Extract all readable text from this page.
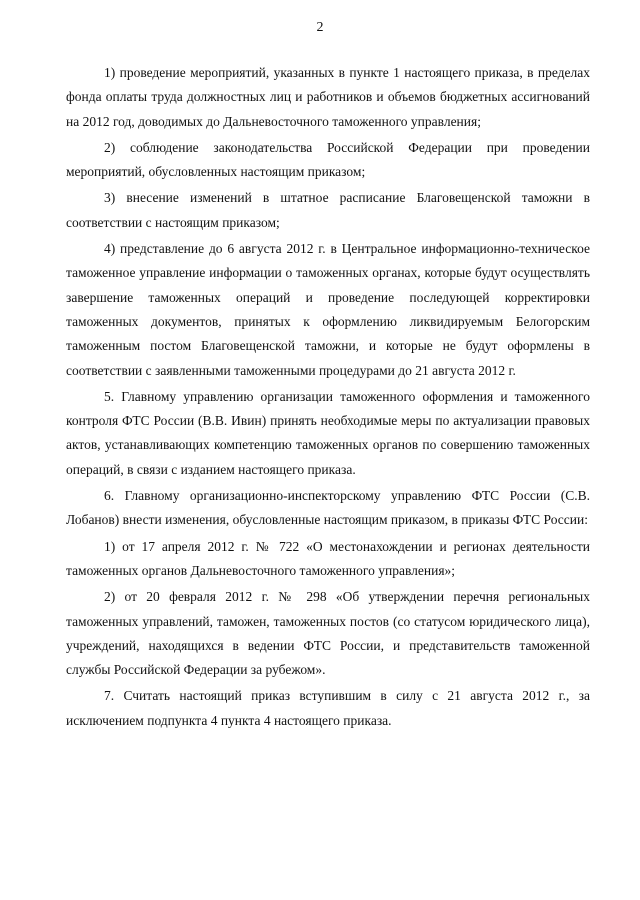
2

1) проведение мероприятий, указанных в пункте 1 настоящего приказа, в пределах фонда оплаты труда должностных лиц и работников и объемов бюджетных ассигнований на 2012 год, доводимых до Дальневосточного таможенного управления;

2) соблюдение законодательства Российской Федерации при проведении мероприятий, обусловленных настоящим приказом;

3) внесение изменений в штатное расписание Благовещенской таможни в соответствии с настоящим приказом;

4) представление до 6 августа 2012 г. в Центральное информационно-техническое таможенное управление информации о таможенных органах, которые будут осуществлять завершение таможенных операций и проведение последующей корректировки таможенных документов, принятых к оформлению ликвидируемым Белогорским таможенным постом Благовещенской таможни, и которые не будут оформлены в соответствии с заявленными таможенными процедурами до 21 августа 2012 г.

5. Главному управлению организации таможенного оформления и таможенного контроля ФТС России (В.В. Ивин) принять необходимые меры по актуализации правовых актов, устанавливающих компетенцию таможенных органов по совершению таможенных операций, в связи с изданием настоящего приказа.

6. Главному организационно-инспекторскому управлению ФТС России (С.В. Лобанов) внести изменения, обусловленные настоящим приказом, в приказы ФТС России:

1) от 17 апреля 2012 г. № 722 «О местонахождении и регионах деятельности таможенных органов Дальневосточного таможенного управления»;

2) от 20 февраля 2012 г. № 298 «Об утверждении перечня региональных таможенных управлений, таможен, таможенных постов (со статусом юридического лица), учреждений, находящихся в ведении ФТС России, и представительств таможенной службы Российской Федерации за рубежом».

7. Считать настоящий приказ вступившим в силу с 21 августа 2012 г., за исключением подпункта 4 пункта 4 настоящего приказа.
